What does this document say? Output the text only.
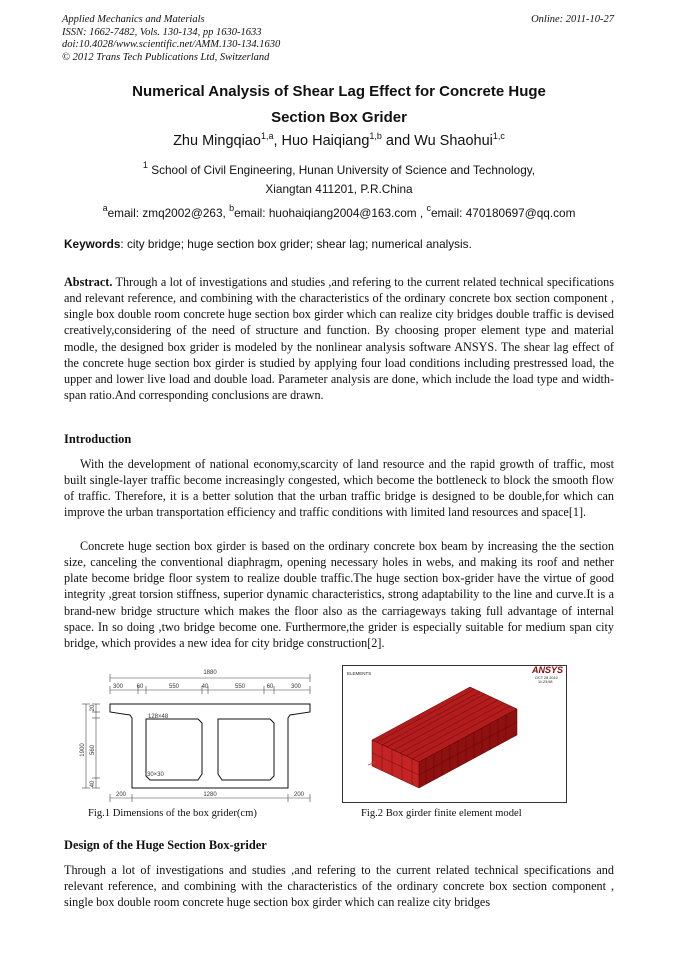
Applied Mechanics and Materials
ISSN: 1662-7482, Vols. 130-134, pp 1630-1633
doi:10.4028/www.scientific.net/AMM.130-134.1630
© 2012 Trans Tech Publications Ltd, Switzerland
Online: 2011-10-27
Numerical Analysis of Shear Lag Effect for Concrete Huge
Section Box Grider
Zhu Mingqiao$^{1,a}$, Huo Haiqiang$^{1,b}$ and Wu Shaohui$^{1,c}$
$^1$ School of Civil Engineering, Hunan University of Science and Technology,
Xiangtan 411201, P.R.China
$^a$email: zmq2002@263, $^b$email: huohaiqiang2004@163.com , $^c$email: 470180697@qq.com
Keywords: city bridge; huge section box grider; shear lag; numerical analysis.

Abstract. Through a lot of investigations and studies ,and refering to the current related technical specifications and relevant reference, and combining with the characteristics of the ordinary concrete box section component , single box double room concrete huge section box girder which can realize city bridges double traffic is devised creatively,considering of the need of structure and function. By choosing proper element type and material modle, the designed box grider is modeled by the nonlinear analysis software ANSYS. The shear lag effect of the concrete huge section box girder is studied by applying four load conditions including prestressed load, the upper and lower live load and double load. Parameter analysis are done, which include the load type and width-span ratio.And corresponding conclusions are drawn.

Introduction

With the development of national economy,scarcity of land resource and the rapid growth of traffic, most built single-layer traffic become increasingly congested, which become the bottleneck to block the smooth flow of traffic. Therefore, it is a better solution that the urban traffic bridge is designed to be double,for which can improve the urban transportation efficiency and traffic conditions with limited land resources and space[1].

Concrete huge section box girder is based on the ordinary concrete box beam by increasing the the section size, canceling the conventional diaphragm, opening necessary holes in webs, and making its roof and nether plate become bridge floor system to realize double traffic.The huge section box-grider have the virtue of good integrity ,great torsion stiffness, superior dynamic characteristics, strong adaptability to the line and curve.It is a brand-new bridge structure which makes the floor also as the carriageways taking full advantage of internal space. In so doing ,two bridge become one. Furthermore,the grider is especially suitable for medium span city bridge, which provides a new idea for city bridge construction[2].

1880
300 60	550	40	550	60	300
128×48
30×30
1900 560
20
40
200	1280	200
Fig.1 Dimensions of the box grider(cm)
ELEMENTS	ANSYS
OCT 28 2010
11:23:58
Fig.2 Box girder finite element model
Design of the Huge Section Box-grider

Through a lot of investigations and studies ,and refering to the current related technical specifications and relevant reference, and combining with the characteristics of the ordinary concrete box section component , single box double room concrete huge section box girder which can realize city bridges
